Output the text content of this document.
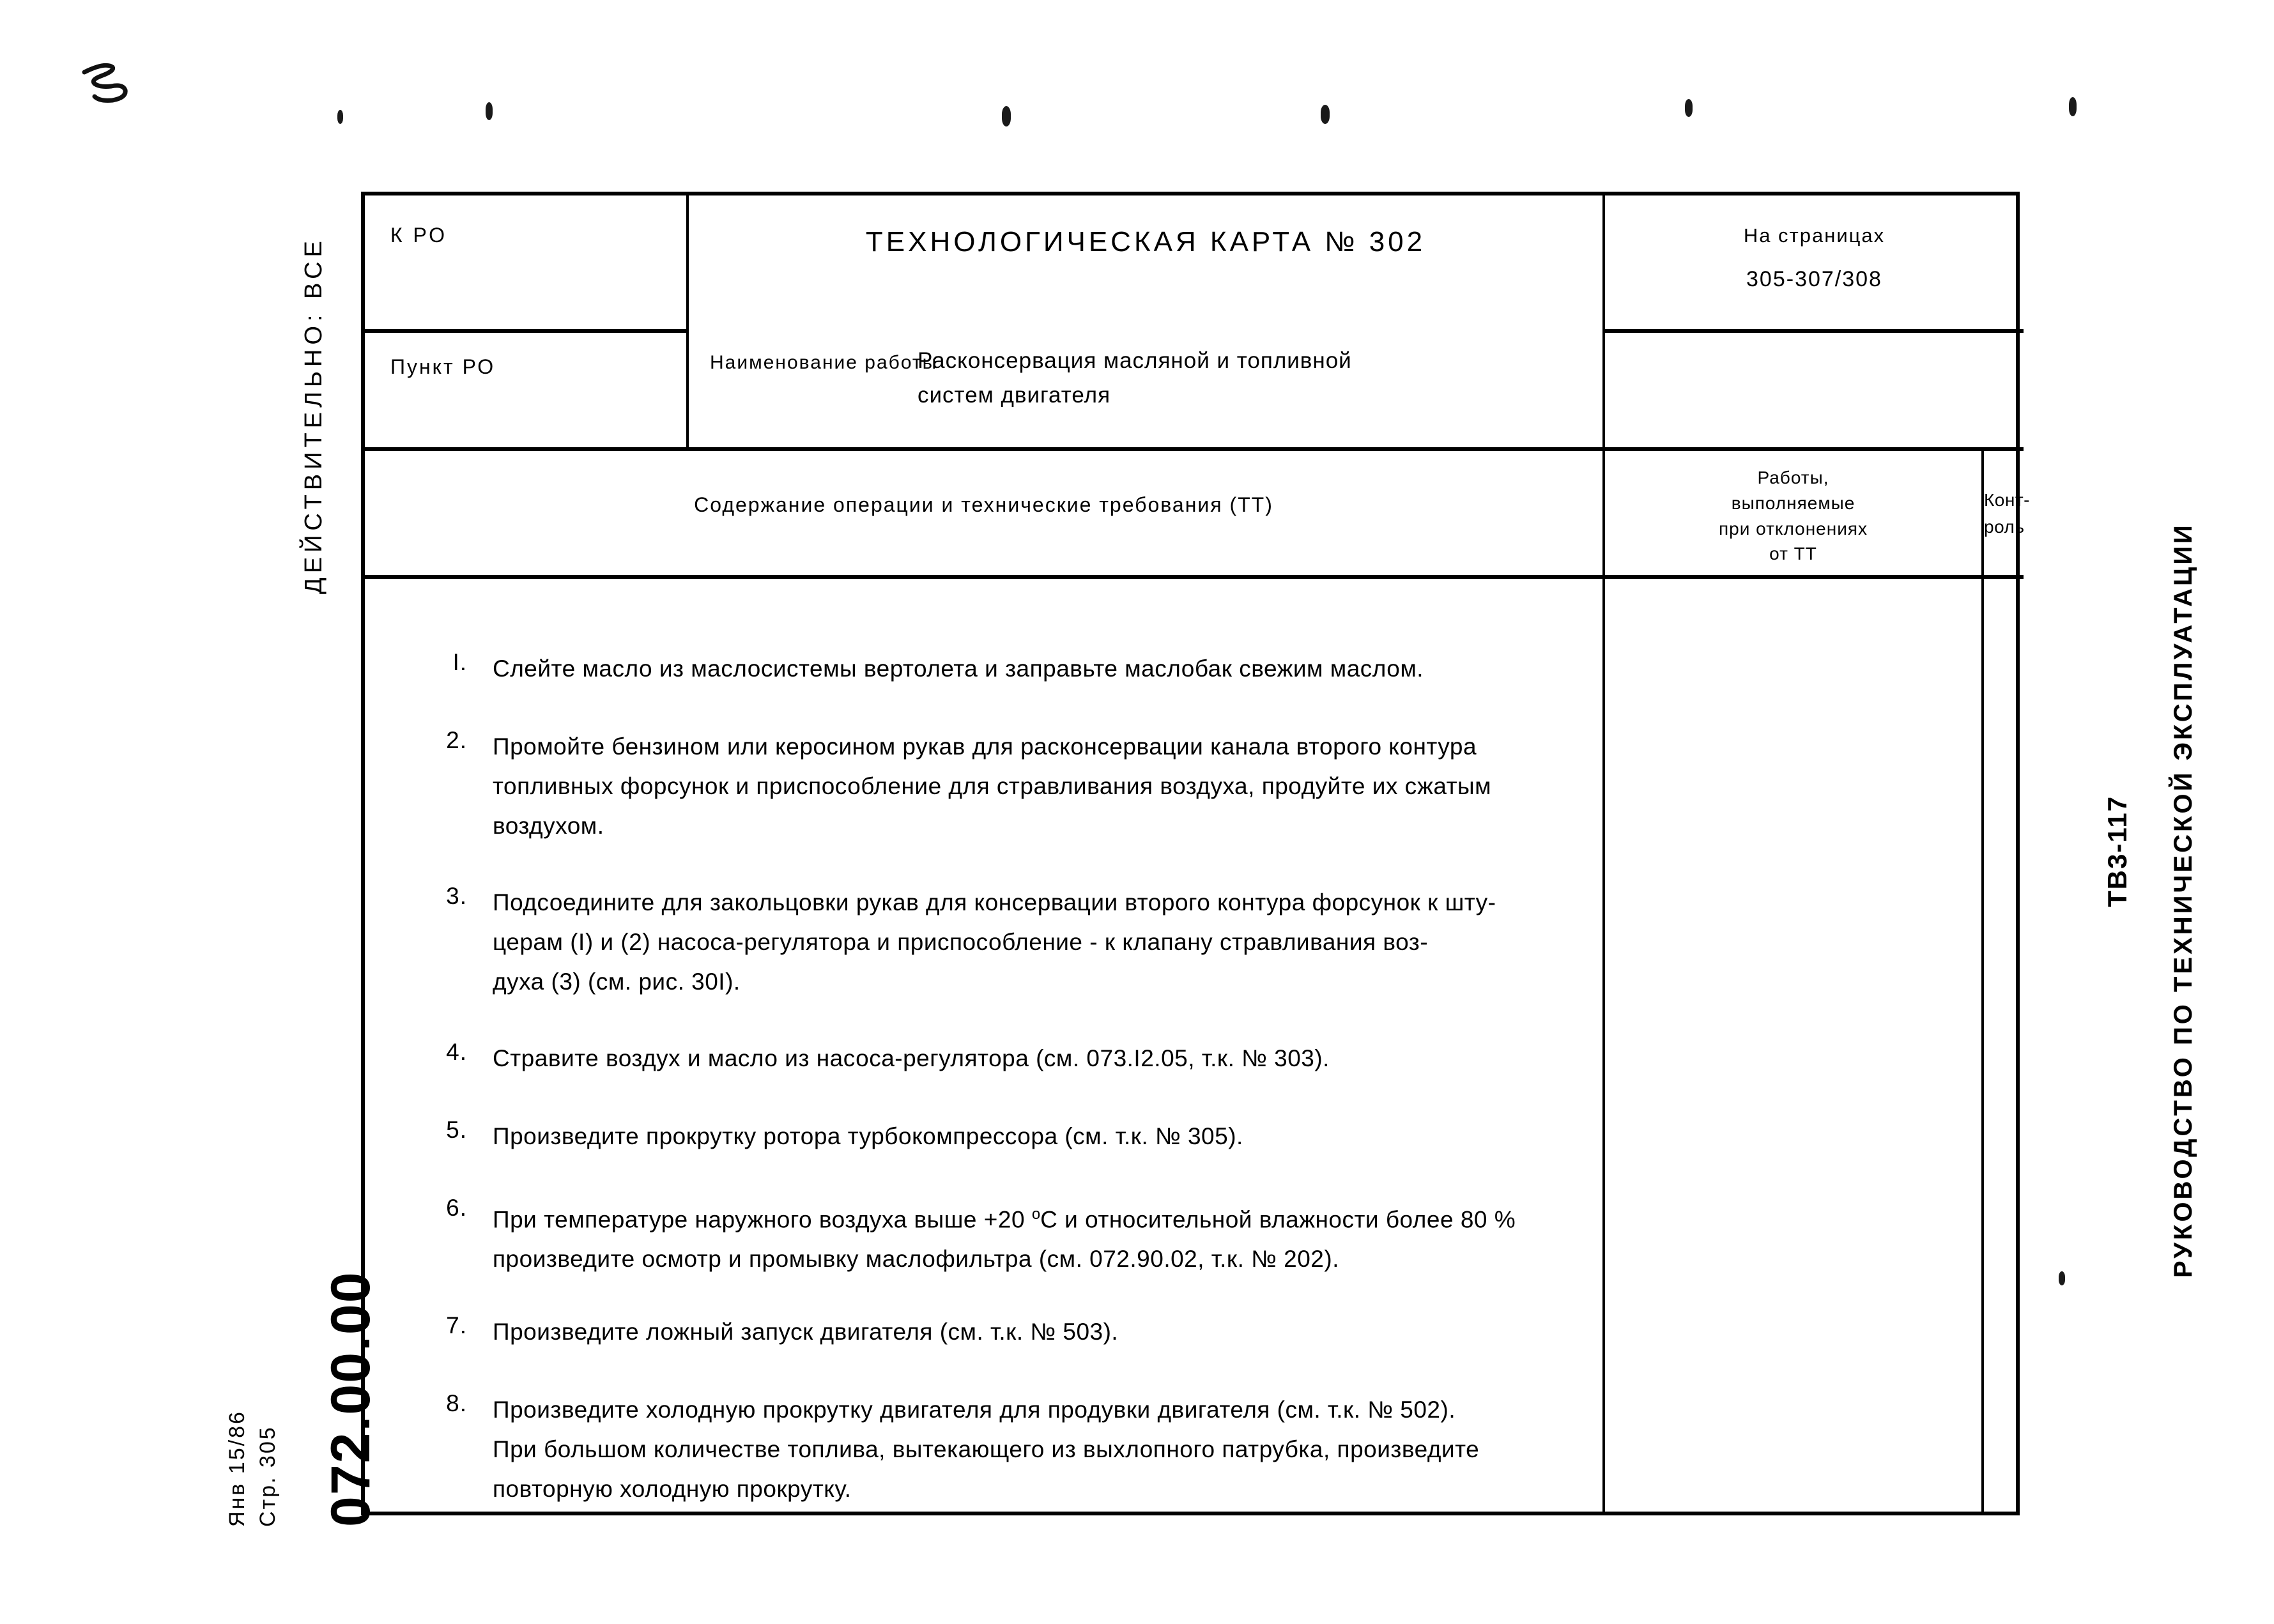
ДЕЙСТВИТЕЛЬНО: ВСЕ
072.00.00
Стр. 305
Янв 15/86
РУКОВОДСТВО ПО ТЕХНИЧЕСКОЙ ЭКСПЛУАТАЦИИ
ТВ3-117
К РО	ТЕХНОЛОГИЧЕСКАЯ КАРТА № 302	На страницах
305-307/308
Пункт РО	Наименование работы
Расконсервация масляной и топливной
систем двигателя
Содержание операции и технические требования (ТТ)
Работы,
выполняемые
при отклонениях
от ТТ
Конт-
роль
I. Слейте масло из маслосистемы вертолета и заправьте маслобак свежим маслом.
2. Промойте бензином или керосином рукав для расконсервации канала второго контура
топливных форсунок и приспособление для стравливания воздуха, продуйте их сжатым
воздухом.
3. Подсоедините для закольцовки рукав для консервации второго контура форсунок к шту-
церам (I) и (2) насоса-регулятора и приспособление - к клапану стравливания воз-
духа (3) (см. рис. 30I).
4. Стравите воздух и масло из насоса-регулятора (см. 073.I2.05, т.к. № 303).
5. Произведите прокрутку ротора турбокомпрессора (см. т.к. № 305).
6. При температуре наружного воздуха выше +20 $^о$С и относительной влажности более 80 %
произведите осмотр и промывку маслофильтра (см. 072.90.02, т.к. № 202).
7. Произведите ложный запуск двигателя (см. т.к. № 503).
8. Произведите холодную прокрутку двигателя для продувки двигателя (см. т.к. № 502).
При большом количестве топлива, вытекающего из выхлопного патрубка, произведите
повторную холодную прокрутку.
